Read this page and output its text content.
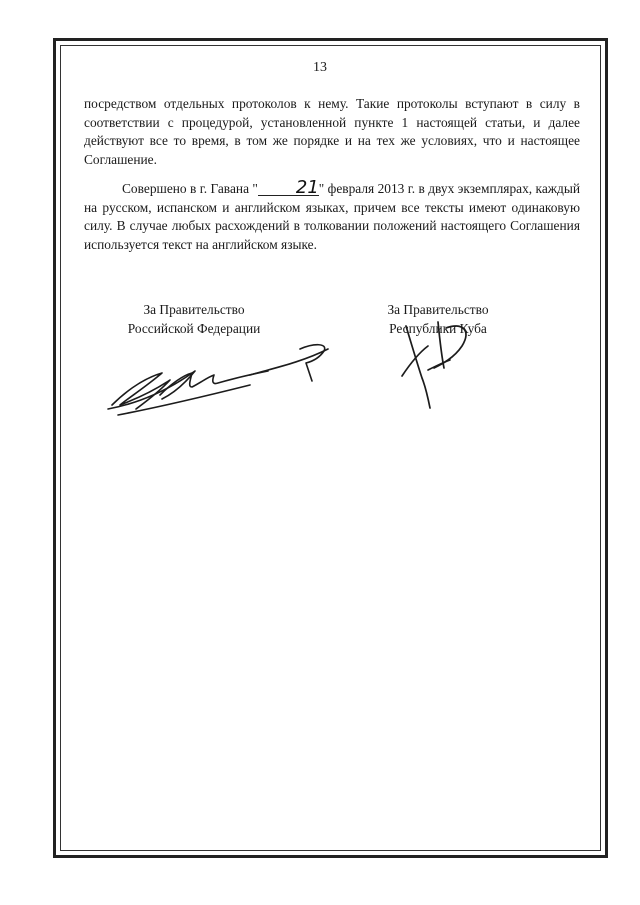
13
посредством отдельных протоколов к нему. Такие протоколы вступают в силу в соответствии с процедурой, установленной пункте 1 настоящей статьи, и далее действуют все то время, в том же порядке и на тех же условиях, что и настоящее Соглашение.
Совершено в г. Гавана " 21" февраля 2013 г. в двух экземплярах, каждый на русском, испанском и английском языках, причем все тексты имеют одинаковую силу. В случае любых расхождений в толковании положений настоящего Соглашения используется текст на английском языке.
За Правительство
Российской Федерации
За Правительство
Республики Куба
